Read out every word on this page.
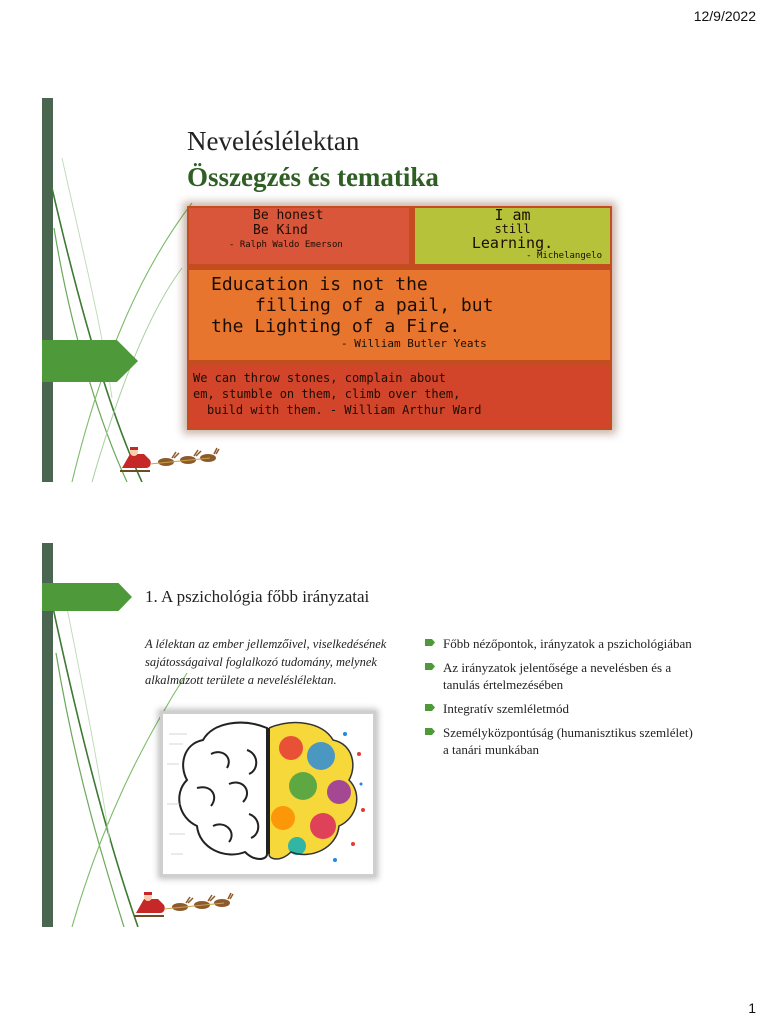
12/9/2022
Neveléslélektan
Összegzés és tematika
Be honest
Be Kind
- Ralph Waldo Emerson
I am
still
Learning.
- Michelangelo
Education is not the
filling of a pail, but
the Lighting of a Fire.
- William Butler Yeats
We can throw stones, complain about
em, stumble on them, climb over them,
build with them. - William Arthur Ward
1. A pszichológia főbb irányzatai
A lélektan az ember jellemzőivel, viselkedésének sajátosságaival foglalkozó tudomány, melynek alkalmazott területe a neveléslélektan.
Főbb nézőpontok, irányzatok a pszichológiában
Az irányzatok jelentősége a nevelésben és a tanulás értelmezésében
Integratív szemléletmód
Személyközpontúság (humanisztikus szemlélet) a tanári munkában
1
